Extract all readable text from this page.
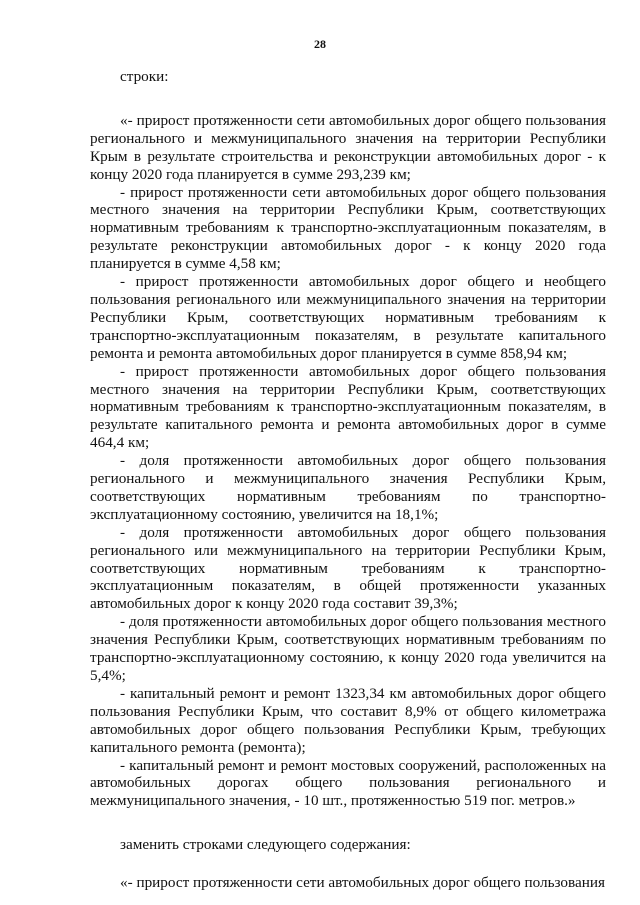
28

строки:

«- прирост протяженности сети автомобильных дорог общего пользования регионального и межмуниципального значения на территории Республики Крым в результате строительства и реконструкции автомобильных дорог - к концу 2020 года планируется в сумме 293,239 км;

- прирост протяженности сети автомобильных дорог общего пользования местного значения на территории Республики Крым, соответствующих нормативным требованиям к транспортно-эксплуатационным показателям, в результате реконструкции автомобильных дорог - к концу 2020 года планируется в сумме 4,58 км;

- прирост протяженности автомобильных дорог общего и необщего пользования регионального или межмуниципального значения на территории Республики Крым, соответствующих нормативным требованиям к транспортно-эксплуатационным показателям, в результате капитального ремонта и ремонта автомобильных дорог планируется в сумме 858,94 км;

- прирост протяженности автомобильных дорог общего пользования местного значения на территории Республики Крым, соответствующих нормативным требованиям к транспортно-эксплуатационным показателям, в результате капитального ремонта и ремонта автомобильных дорог в сумме 464,4 км;

- доля протяженности автомобильных дорог общего пользования регионального и межмуниципального значения Республики Крым, соответствующих нормативным требованиям по транспортно-эксплуатационному состоянию, увеличится на 18,1%;

- доля протяженности автомобильных дорог общего пользования регионального или межмуниципального на территории Республики Крым, соответствующих нормативным требованиям к транспортно-эксплуатационным показателям, в общей протяженности указанных автомобильных дорог к концу 2020 года составит 39,3%;

- доля протяженности автомобильных дорог общего пользования местного значения Республики Крым, соответствующих нормативным требованиям по транспортно-эксплуатационному состоянию, к концу 2020 года увеличится на 5,4%;

- капитальный ремонт и ремонт 1323,34 км автомобильных дорог общего пользования Республики Крым, что составит 8,9% от общего километража автомобильных дорог общего пользования Республики Крым, требующих капитального ремонта (ремонта);

- капитальный ремонт и ремонт мостовых сооружений, расположенных на автомобильных дорогах общего пользования регионального и межмуниципального значения, - 10 шт., протяженностью 519 пог. метров.»

заменить строками следующего содержания:

«- прирост протяженности сети автомобильных дорог общего пользования
